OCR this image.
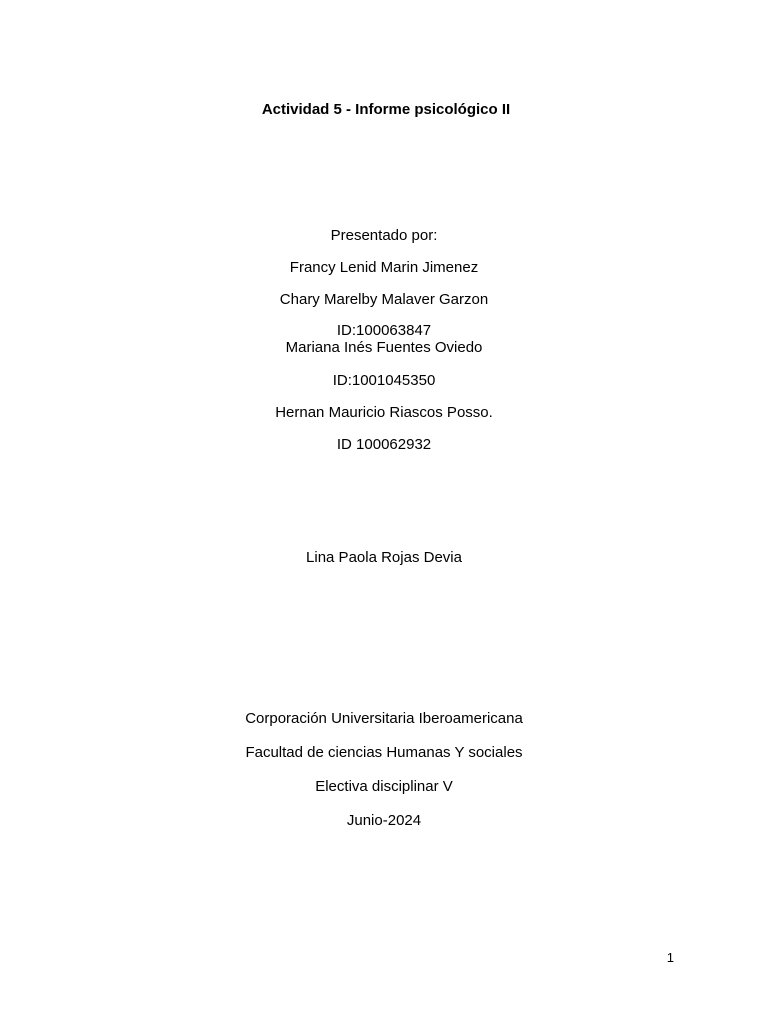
Actividad 5 - Informe psicológico II
Presentado por:
Francy Lenid Marin Jimenez
Chary Marelby Malaver Garzon
ID:100063847
Mariana Inés Fuentes Oviedo
ID:1001045350
Hernan Mauricio Riascos Posso.
ID 100062932
Lina Paola Rojas Devia
Corporación Universitaria Iberoamericana
Facultad de ciencias Humanas Y sociales
Electiva disciplinar V
Junio-2024
1
